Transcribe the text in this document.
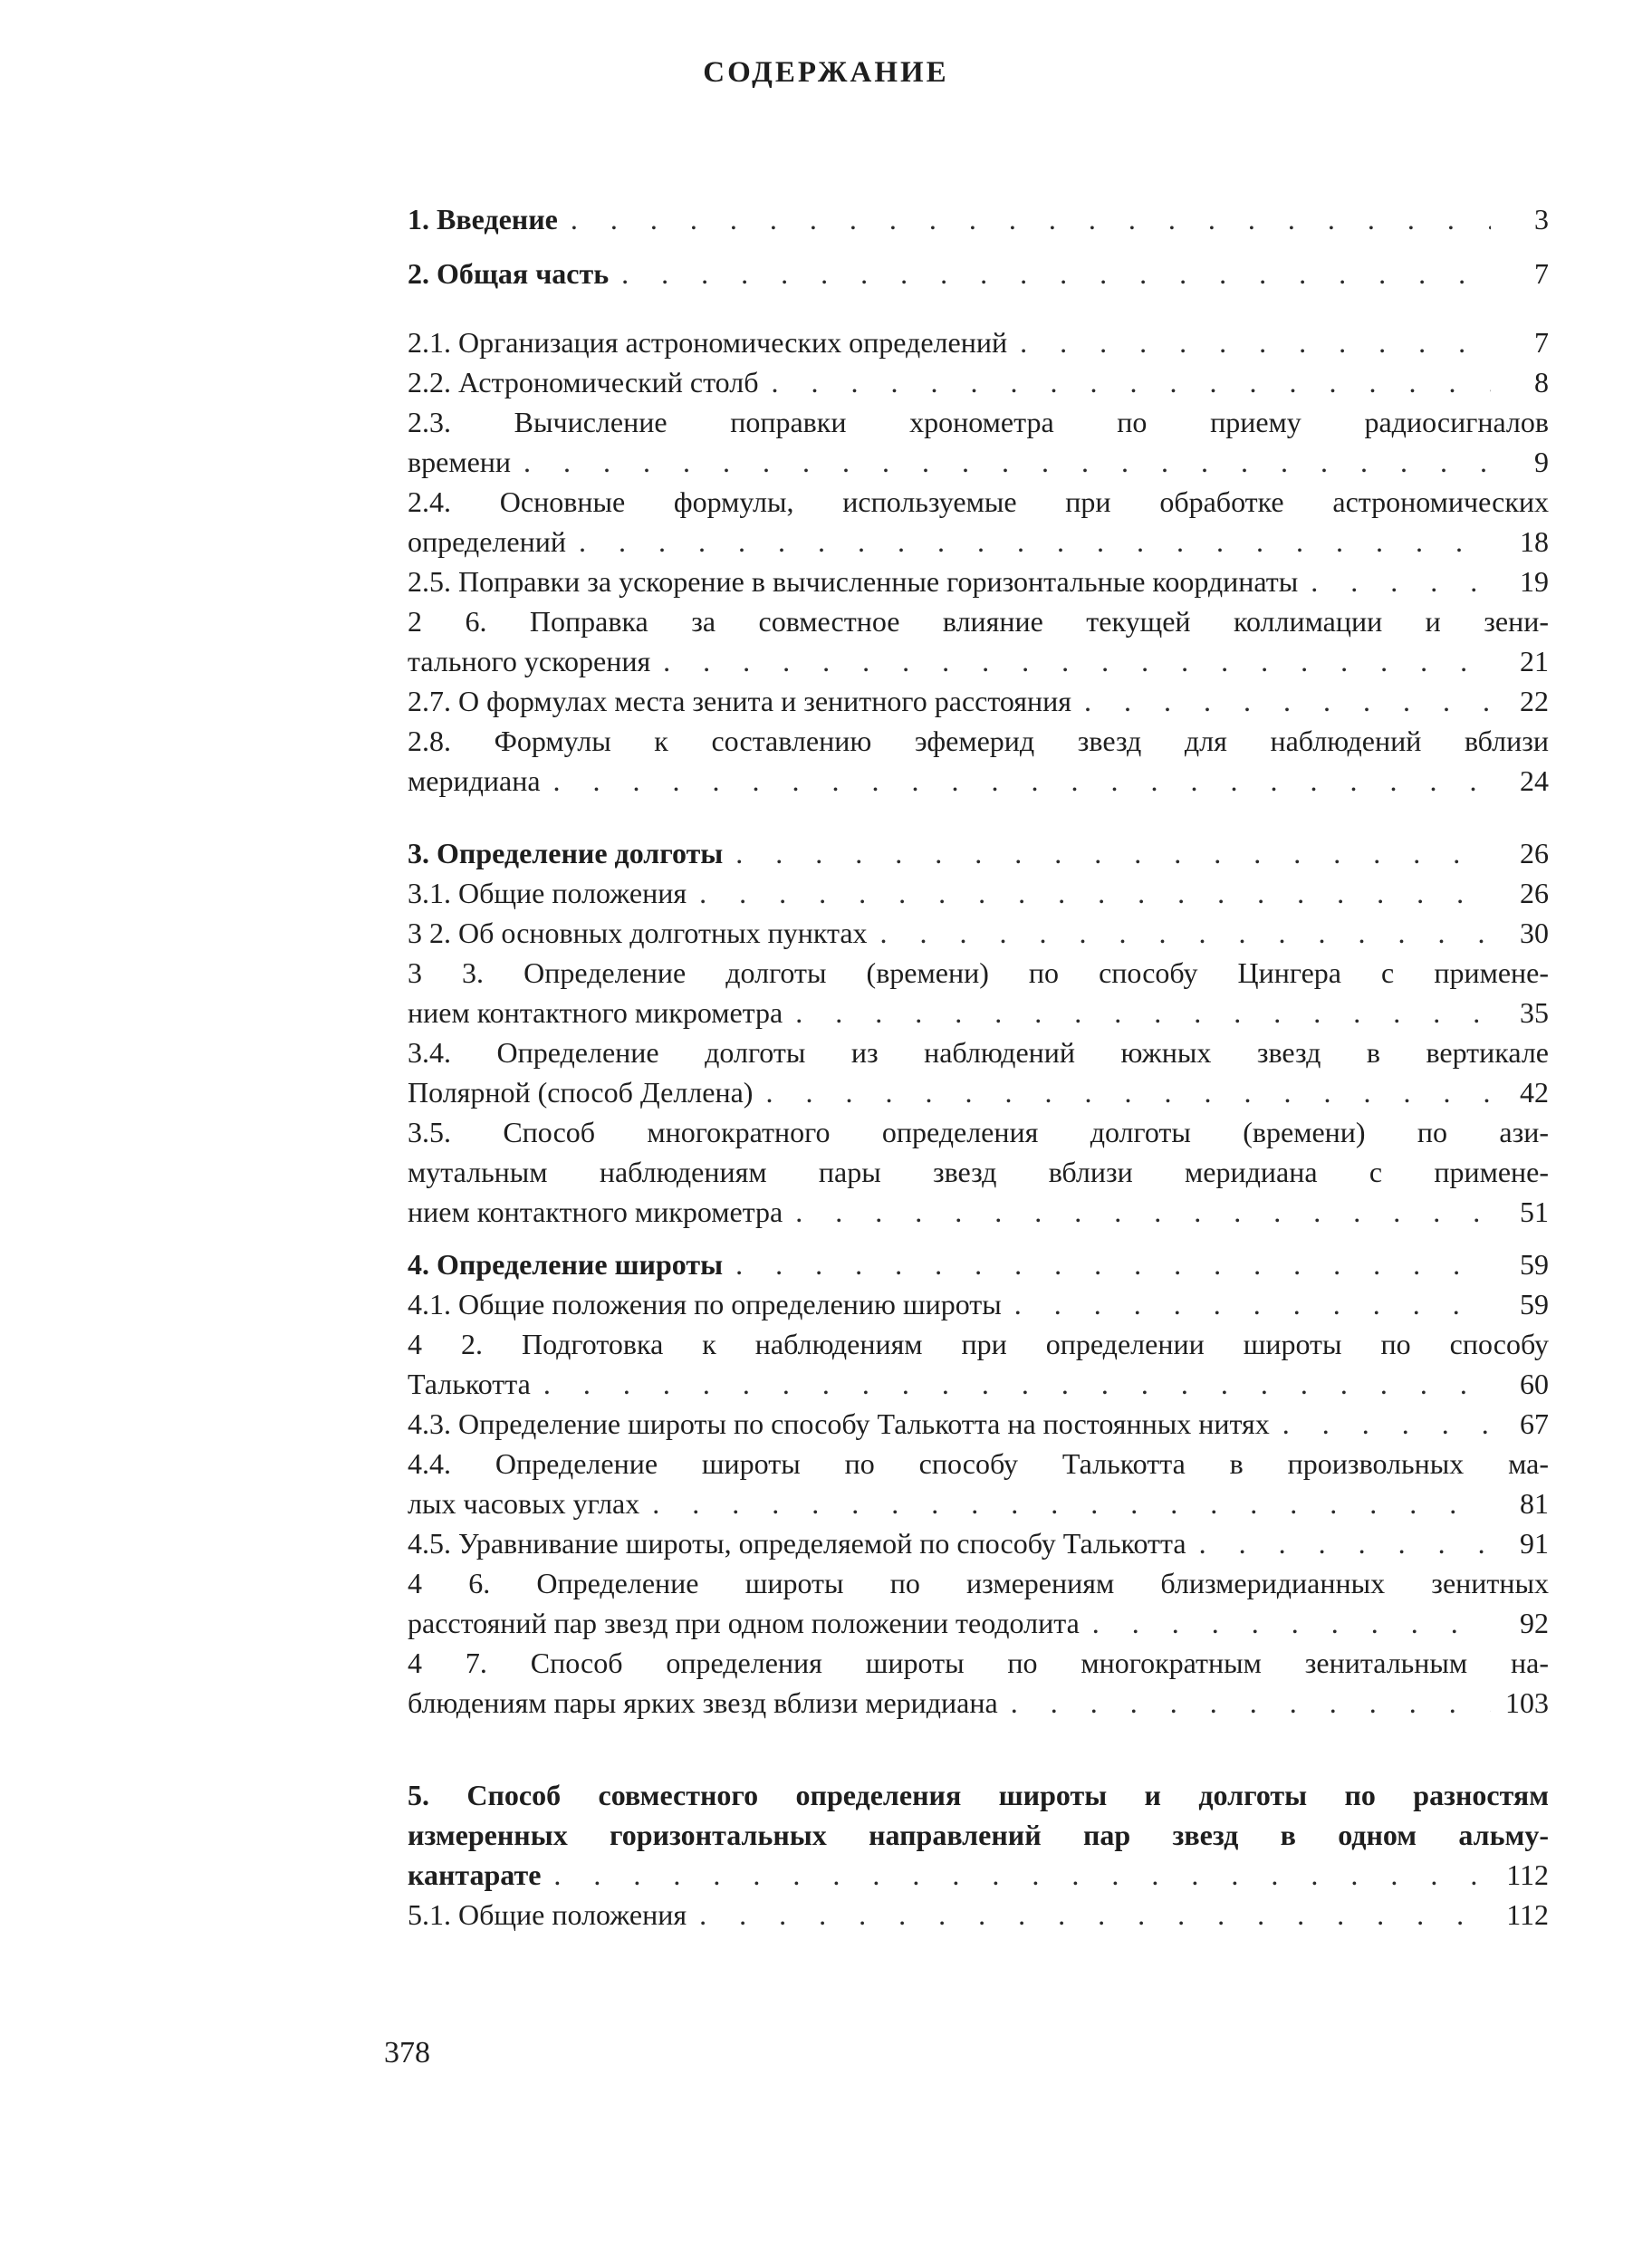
СОДЕРЖАНИЕ
1. Введение . . .	3
2. Общая часть . . .	7
2.1. Организация астрономических определений . . .	7
2.2. Астрономический столб . . .	8
2.3. Вычисление поправки хронометра по приему радиосигналов
времени . . .	9
2.4. Основные формулы, используемые при обработке астрономических
определений . . .	18
2.5. Поправки за ускорение в вычисленные горизонтальные координаты . . .	19
2 6. Поправка за совместное влияние текущей коллимации и зени-
тального ускорения . . .	21
2.7. О формулах места зенита и зенитного расстояния . . .	22
2.8. Формулы к составлению эфемерид звезд для наблюдений вблизи
меридиана . . .	24
3. Определение долготы . . .	26
3.1. Общие положения . . .	26
3 2. Об основных долготных пунктах . . .	30
3 3. Определение долготы (времени) по способу Цингера с примене-
нием контактного микрометра . . .	35
3.4. Определение долготы из наблюдений южных звезд в вертикале
Полярной (способ Деллена) . . .	42
3.5. Способ многократного определения долготы (времени) по ази-
мутальным наблюдениям пары звезд вблизи меридиана с примене-
нием контактного микрометра . . .	51
4. Определение широты . . .	59
4.1. Общие положения по определению широты . . .	59
4 2. Подготовка к наблюдениям при определении широты по способу
Талькотта . . .	60
4.3. Определение широты по способу Талькотта на постоянных нитях . . .	67
4.4. Определение широты по способу Талькотта в произвольных ма-
лых часовых углах . . .	81
4.5. Уравнивание широты, определяемой по способу Талькотта . . .	91
4 6. Определение широты по измерениям близмеридианных зенитных
расстояний пар звезд при одном положении теодолита . . .	92
4 7. Способ определения широты по многократным зенитальным на-
блюдениям пары ярких звезд вблизи меридиана . . .	103
5. Способ совместного определения широты и долготы по разностям
измеренных горизонтальных направлений пар звезд в одном альму-
кантарате . . .	112
5.1. Общие положения . . .	112
378
